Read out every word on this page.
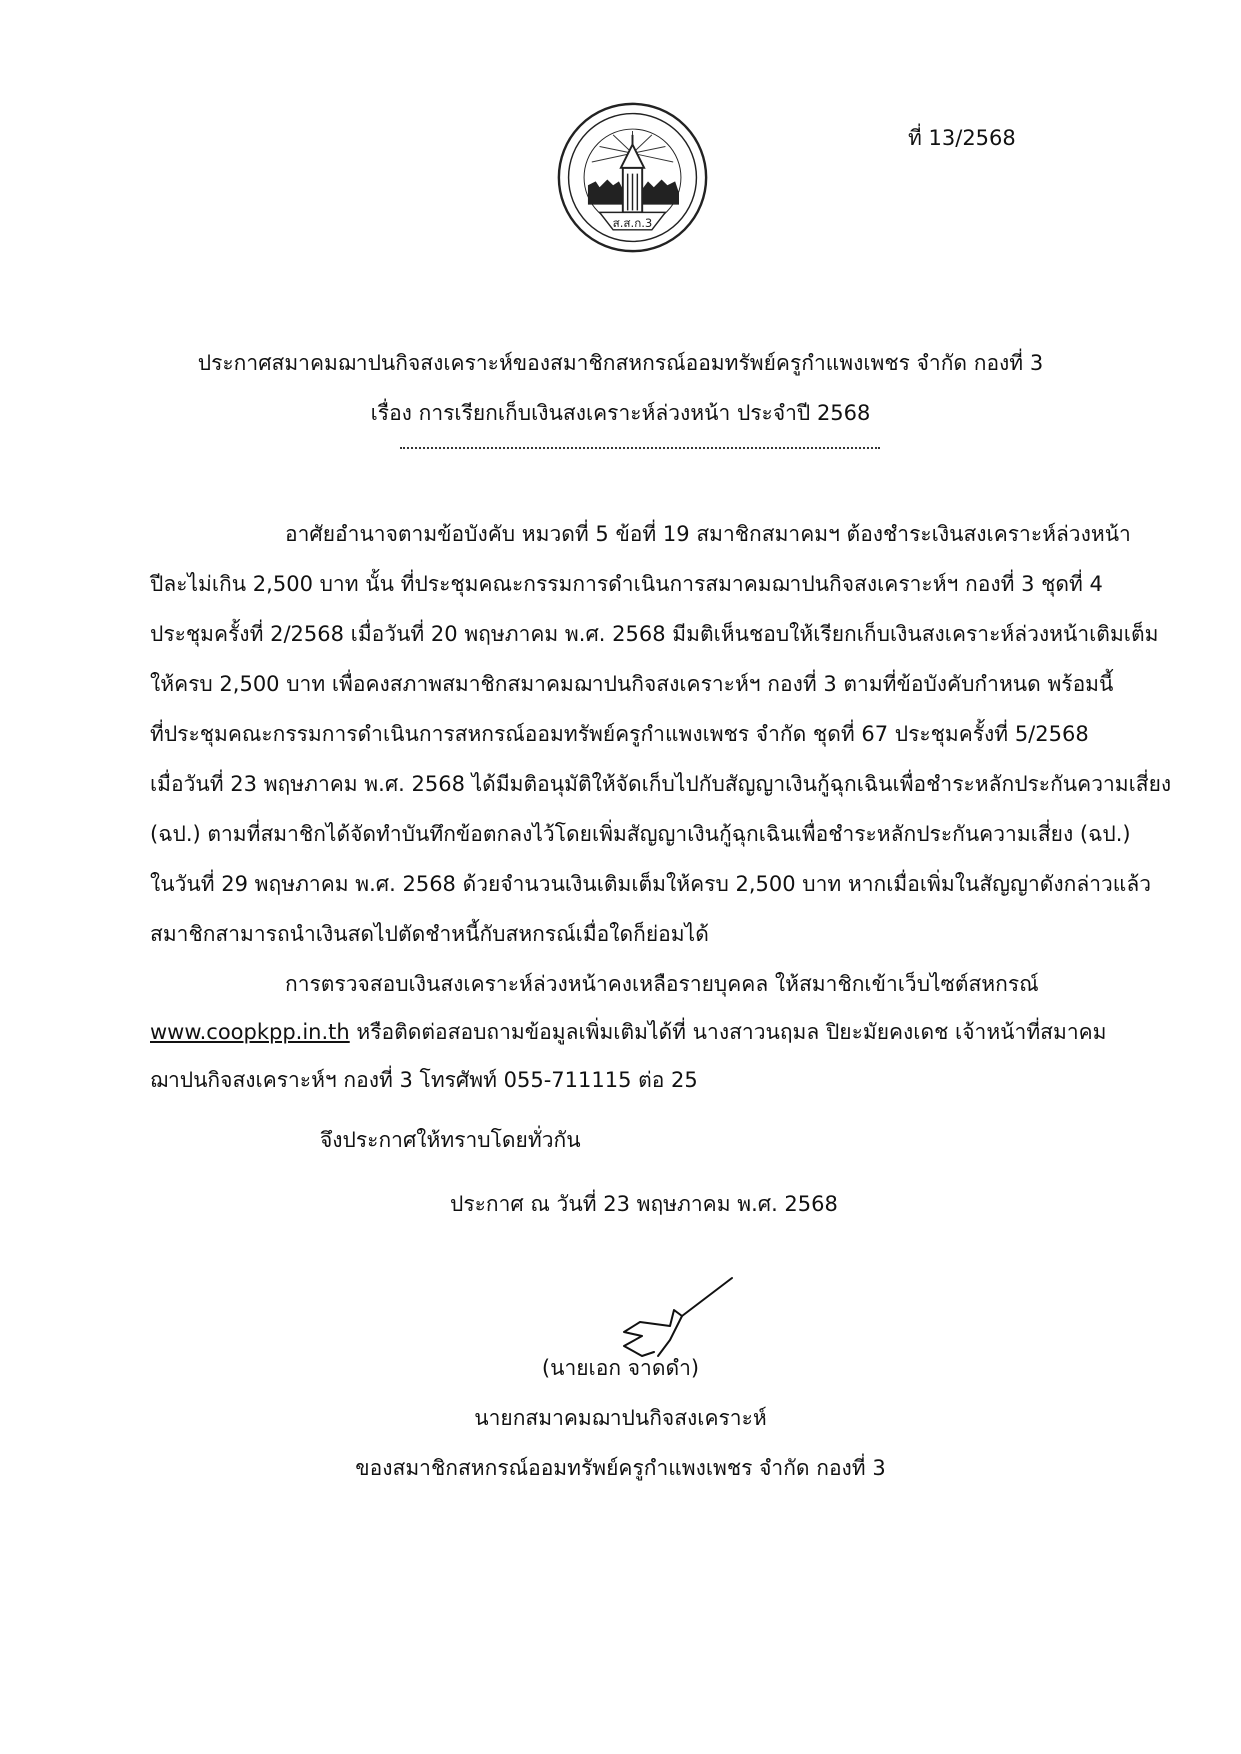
ที่ 13/2568
ส.ส.ก.3
ประกาศสมาคมฌาปนกิจสงเคราะห์ของสมาชิกสหกรณ์ออมทรัพย์ครูกำแพงเพชร จำกัด กองที่ 3
เรื่อง การเรียกเก็บเงินสงเคราะห์ล่วงหน้า ประจำปี 2568
อาศัยอำนาจตามข้อบังคับ หมวดที่ 5 ข้อที่ 19 สมาชิกสมาคมฯ ต้องชำระเงินสงเคราะห์ล่วงหน้า
ปีละไม่เกิน 2,500 บาท นั้น ที่ประชุมคณะกรรมการดำเนินการสมาคมฌาปนกิจสงเคราะห์ฯ กองที่ 3 ชุดที่ 4
ประชุมครั้งที่ 2/2568 เมื่อวันที่ 20 พฤษภาคม พ.ศ. 2568 มีมติเห็นชอบให้เรียกเก็บเงินสงเคราะห์ล่วงหน้าเติมเต็ม
ให้ครบ 2,500 บาท เพื่อคงสภาพสมาชิกสมาคมฌาปนกิจสงเคราะห์ฯ กองที่ 3 ตามที่ข้อบังคับกำหนด พร้อมนี้
ที่ประชุมคณะกรรมการดำเนินการสหกรณ์ออมทรัพย์ครูกำแพงเพชร จำกัด ชุดที่ 67 ประชุมครั้งที่ 5/2568
เมื่อวันที่ 23 พฤษภาคม พ.ศ. 2568 ได้มีมติอนุมัติให้จัดเก็บไปกับสัญญาเงินกู้ฉุกเฉินเพื่อชำระหลักประกันความเสี่ยง
(ฉป.) ตามที่สมาชิกได้จัดทำบันทึกข้อตกลงไว้โดยเพิ่มสัญญาเงินกู้ฉุกเฉินเพื่อชำระหลักประกันความเสี่ยง (ฉป.)
ในวันที่ 29 พฤษภาคม พ.ศ. 2568 ด้วยจำนวนเงินเติมเต็มให้ครบ 2,500 บาท หากเมื่อเพิ่มในสัญญาดังกล่าวแล้ว
สมาชิกสามารถนำเงินสดไปตัดชำหนี้กับสหกรณ์เมื่อใดก็ย่อมได้
การตรวจสอบเงินสงเคราะห์ล่วงหน้าคงเหลือรายบุคคล ให้สมาชิกเข้าเว็บไซต์สหกรณ์
www.coopkpp.in.th หรือติดต่อสอบถามข้อมูลเพิ่มเติมได้ที่ นางสาวนฤมล ปิยะมัยคงเดช เจ้าหน้าที่สมาคม
ฌาปนกิจสงเคราะห์ฯ กองที่ 3 โทรศัพท์ 055-711115 ต่อ 25
จึงประกาศให้ทราบโดยทั่วกัน
ประกาศ ณ วันที่ 23 พฤษภาคม พ.ศ. 2568
(นายเอก จาดดำ)
นายกสมาคมฌาปนกิจสงเคราะห์
ของสมาชิกสหกรณ์ออมทรัพย์ครูกำแพงเพชร จำกัด กองที่ 3
